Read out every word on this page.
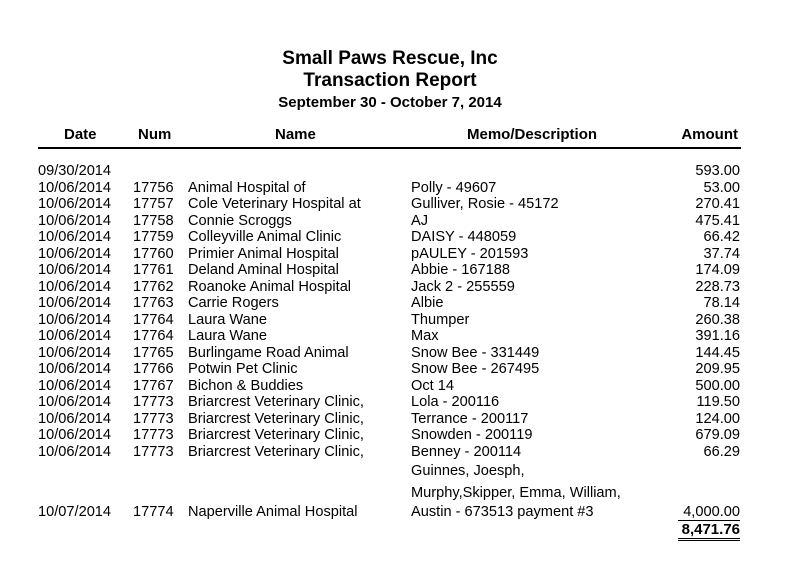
Small Paws Rescue, Inc
Transaction Report
September 30 - October 7, 2014
Date	Num	Name	Memo/Description	Amount
09/30/2014	593.00
10/06/2014 17756 Animal Hospital of	Polly - 49607	53.00
10/06/2014 17757 Cole Veterinary Hospital at	Gulliver, Rosie - 45172	270.41
10/06/2014 17758 Connie Scroggs	AJ	475.41
10/06/2014 17759 Colleyville Animal Clinic	DAISY - 448059	66.42
10/06/2014 17760 Primier Animal Hospital	pAULEY - 201593	37.74
10/06/2014 17761 Deland Aminal Hospital	Abbie - 167188	174.09
10/06/2014 17762 Roanoke Animal Hospital	Jack 2 - 255559	228.73
10/06/2014 17763 Carrie Rogers	Albie	78.14
10/06/2014 17764 Laura Wane	Thumper	260.38
10/06/2014 17764 Laura Wane	Max	391.16
10/06/2014 17765 Burlingame Road Animal	Snow Bee - 331449	144.45
10/06/2014 17766 Potwin Pet Clinic	Snow Bee - 267495	209.95
10/06/2014 17767 Bichon & Buddies	Oct 14	500.00
10/06/2014 17773 Briarcrest Veterinary Clinic,	Lola - 200116	119.50
10/06/2014 17773 Briarcrest Veterinary Clinic,	Terrance - 200117	124.00
10/06/2014 17773 Briarcrest Veterinary Clinic,	Snowden - 200119	679.09
10/06/2014 17773 Briarcrest Veterinary Clinic,	Benney - 200114	66.29
Guinnes, Joesph,
Murphy,Skipper, Emma, William,
10/07/2014 17774 Naperville Animal Hospital	Austin - 673513 payment #3	4,000.00
8,471.76
